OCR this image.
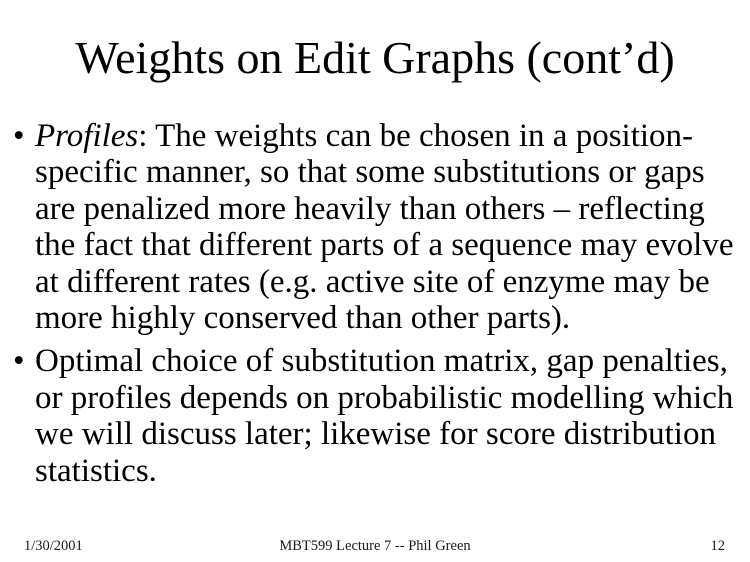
Weights on Edit Graphs (cont’d)
• Profiles: The weights can be chosen in a position-
specific manner, so that some substitutions or gaps
are penalized more heavily than others – reflecting
the fact that different parts of a sequence may evolve
at different rates (e.g. active site of enzyme may be
more highly conserved than other parts).
• Optimal choice of substitution matrix, gap penalties,
or profiles depends on probabilistic modelling which
we will discuss later; likewise for score distribution
statistics.
1/30/2001	MBT599 Lecture 7 -- Phil Green	12
